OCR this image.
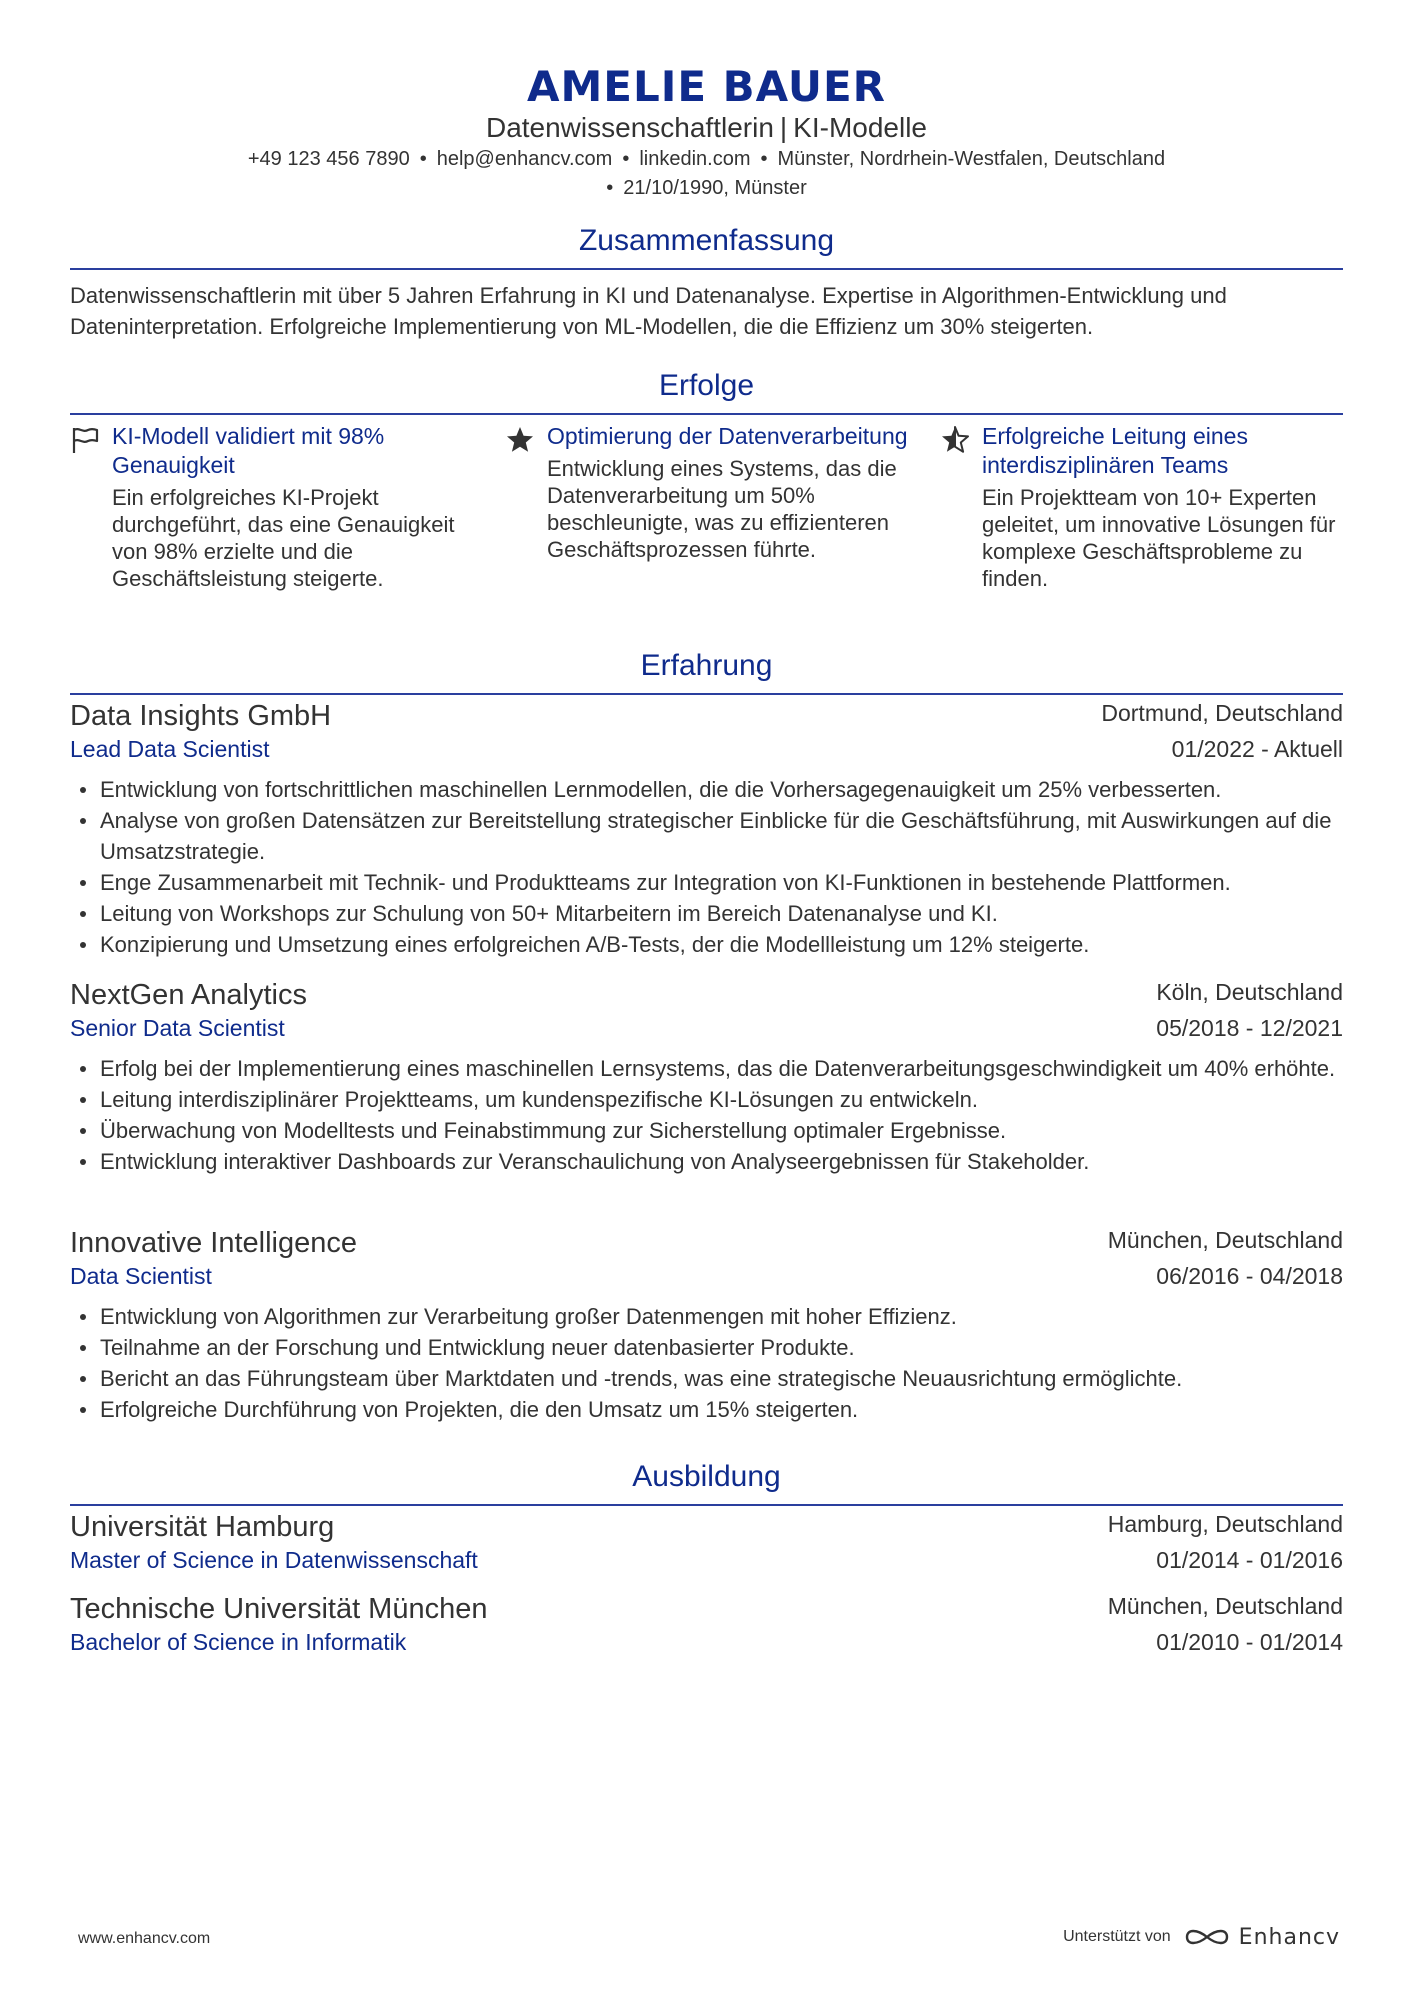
AMELIE BAUER
Datenwissenschaftlerin | KI-Modelle
+49 123 456 7890 • help@enhancv.com • linkedin.com • Münster, Nordrhein-Westfalen, Deutschland
• 21/10/1990, Münster
Zusammenfassung
Datenwissenschaftlerin mit über 5 Jahren Erfahrung in KI und Datenanalyse. Expertise in Algorithmen-Entwicklung und Dateninterpretation. Erfolgreiche Implementierung von ML-Modellen, die die Effizienz um 30% steigerten.
Erfolge
KI-Modell validiert mit 98% Genauigkeit
Ein erfolgreiches KI-Projekt durchgeführt, das eine Genauigkeit von 98% erzielte und die Geschäftsleistung steigerte.
Optimierung der Datenverarbeitung
Entwicklung eines Systems, das die Datenverarbeitung um 50% beschleunigte, was zu effizienteren Geschäftsprozessen führte.
Erfolgreiche Leitung eines interdisziplinären Teams
Ein Projektteam von 10+ Experten geleitet, um innovative Lösungen für komplexe Geschäftsprobleme zu finden.
Erfahrung
Data Insights GmbH	Dortmund, Deutschland
Lead Data Scientist	01/2022 - Aktuell
Entwicklung von fortschrittlichen maschinellen Lernmodellen, die die Vorhersagegenauigkeit um 25% verbesserten.
Analyse von großen Datensätzen zur Bereitstellung strategischer Einblicke für die Geschäftsführung, mit Auswirkungen auf die Umsatzstrategie.
Enge Zusammenarbeit mit Technik- und Produktteams zur Integration von KI-Funktionen in bestehende Plattformen.
Leitung von Workshops zur Schulung von 50+ Mitarbeitern im Bereich Datenanalyse und KI.
Konzipierung und Umsetzung eines erfolgreichen A/B-Tests, der die Modellleistung um 12% steigerte.
NextGen Analytics	Köln, Deutschland
Senior Data Scientist	05/2018 - 12/2021
Erfolg bei der Implementierung eines maschinellen Lernsystems, das die Datenverarbeitungsgeschwindigkeit um 40% erhöhte.
Leitung interdisziplinärer Projektteams, um kundenspezifische KI-Lösungen zu entwickeln.
Überwachung von Modelltests und Feinabstimmung zur Sicherstellung optimaler Ergebnisse.
Entwicklung interaktiver Dashboards zur Veranschaulichung von Analyseergebnissen für Stakeholder.
Innovative Intelligence	München, Deutschland
Data Scientist	06/2016 - 04/2018
Entwicklung von Algorithmen zur Verarbeitung großer Datenmengen mit hoher Effizienz.
Teilnahme an der Forschung und Entwicklung neuer datenbasierter Produkte.
Bericht an das Führungsteam über Marktdaten und -trends, was eine strategische Neuausrichtung ermöglichte.
Erfolgreiche Durchführung von Projekten, die den Umsatz um 15% steigerten.
Ausbildung
Universität Hamburg	Hamburg, Deutschland
Master of Science in Datenwissenschaft	01/2014 - 01/2016
Technische Universität München	München, Deutschland
Bachelor of Science in Informatik	01/2010 - 01/2014
www.enhancv.com	Unterstützt von	Enhancv
